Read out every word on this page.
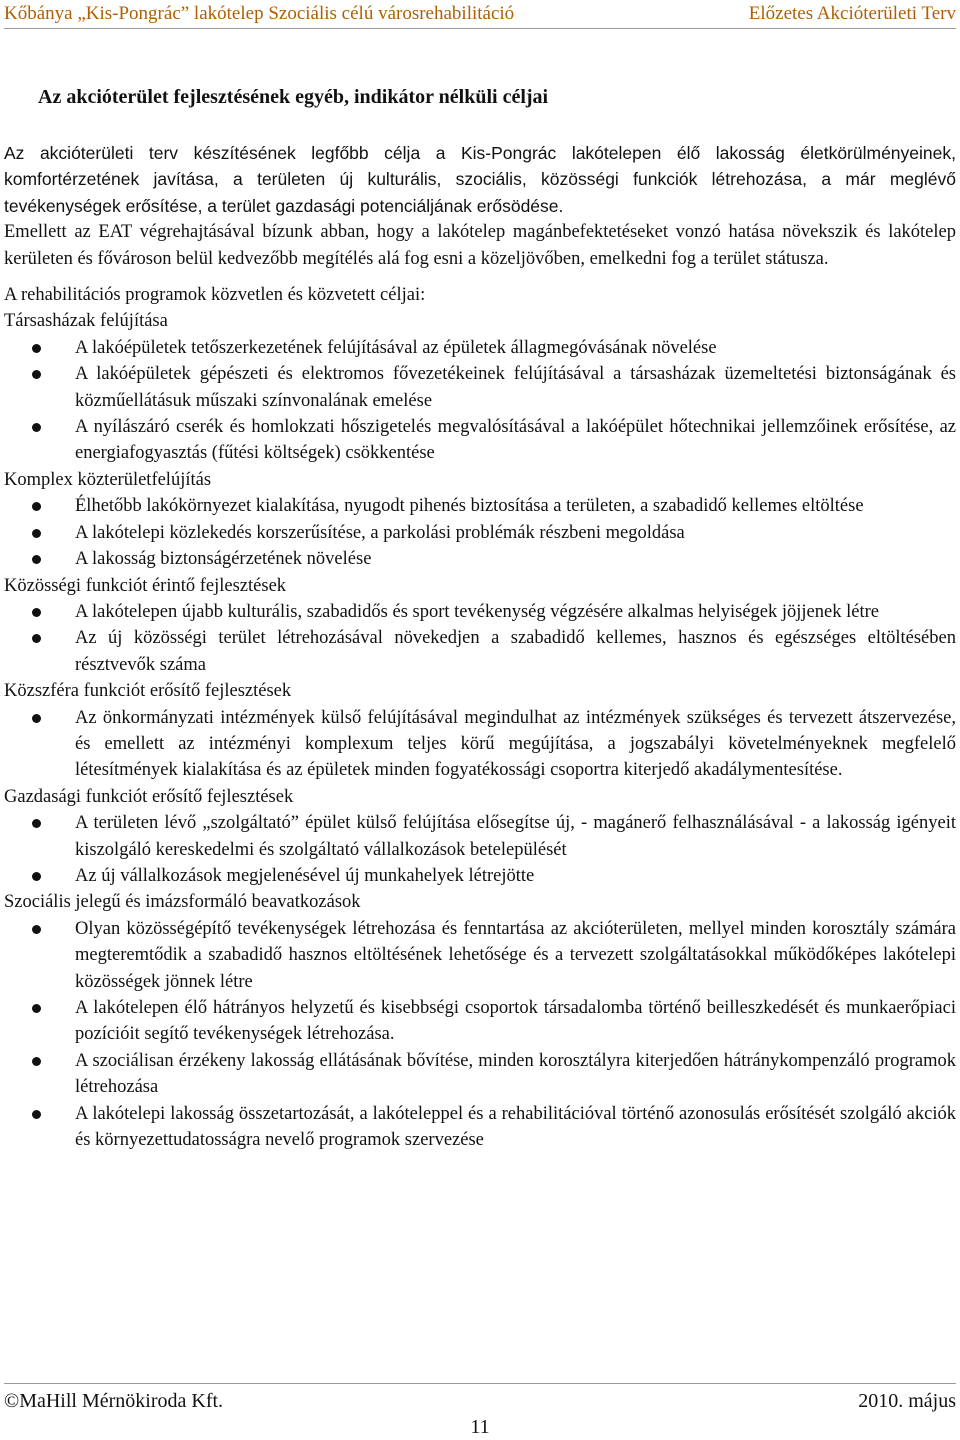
Kőbánya „Kis-Pongrác” lakótelep Szociális célú városrehabilitáció	Előzetes Akcióterületi Terv
Az akcióterület fejlesztésének egyéb, indikátor nélküli céljai

Az akcióterületi terv készítésének legfőbb célja a Kis-Pongrác lakótelepen élő lakosság életkörülményeinek, komfortérzetének javítása, a területen új kulturális, szociális, közösségi funkciók létrehozása, a már meglévő tevékenységek erősítése, a terület gazdasági potenciáljának erősödése.

Emellett az EAT végrehajtásával bízunk abban, hogy a lakótelep magánbefektetéseket vonzó hatása növekszik és lakótelep kerületen és fővároson belül kedvezőbb megítélés alá fog esni a közeljövőben, emelkedni fog a terület státusza.

A rehabilitációs programok közvetlen és közvetett céljai:

Társasházak felújítása

A lakóépületek tetőszerkezetének felújításával az épületek állagmegóvásának növelése
A lakóépületek gépészeti és elektromos fővezetékeinek felújításával a társasházak üzemeltetési biztonságának és közműellátásuk műszaki színvonalának emelése
A nyílászáró cserék és homlokzati hőszigetelés megvalósításával a lakóépület hőtechnikai jellemzőinek erősítése, az energiafogyasztás (fűtési költségek) csökkentése

Komplex közterületfelújítás

Élhetőbb lakókörnyezet kialakítása, nyugodt pihenés biztosítása a területen, a szabadidő kellemes eltöltése
A lakótelepi közlekedés korszerűsítése, a parkolási problémák részbeni megoldása
A lakosság biztonságérzetének növelése

Közösségi funkciót érintő fejlesztések

A lakótelepen újabb kulturális, szabadidős és sport tevékenység végzésére alkalmas helyiségek jöjjenek létre
Az új közösségi terület létrehozásával növekedjen a szabadidő kellemes, hasznos és egészséges eltöltésében résztvevők száma

Közszféra funkciót erősítő fejlesztések

Az önkormányzati intézmények külső felújításával megindulhat az intézmények szükséges és tervezett átszervezése, és emellett az intézményi komplexum teljes körű megújítása, a jogszabályi követelményeknek megfelelő létesítmények kialakítása és az épületek minden fogyatékossági csoportra kiterjedő akadálymentesítése.

Gazdasági funkciót erősítő fejlesztések

A területen lévő „szolgáltató” épület külső felújítása elősegítse új, - magánerő felhasználásával - a lakosság igényeit kiszolgáló kereskedelmi és szolgáltató vállalkozások betelepülését
Az új vállalkozások megjelenésével új munkahelyek létrejötte

Szociális jelegű és imázsformáló beavatkozások

Olyan közösségépítő tevékenységek létrehozása és fenntartása az akcióterületen, mellyel minden korosztály számára megteremtődik a szabadidő hasznos eltöltésének lehetősége és a tervezett szolgáltatásokkal működőképes lakótelepi közösségek jönnek létre
A lakótelepen élő hátrányos helyzetű és kisebbségi csoportok társadalomba történő beilleszkedését és munkaerőpiaci pozícióit segítő tevékenységek létrehozása.
A szociálisan érzékeny lakosság ellátásának bővítése, minden korosztályra kiterjedően hátránykompenzáló programok létrehozása
A lakótelepi lakosság összetartozását, a lakóteleppel és a rehabilitációval történő azonosulás erősítését szolgáló akciók és környezettudatosságra nevelő programok szervezése
©MaHill Mérnökiroda Kft.	2010. május
11
